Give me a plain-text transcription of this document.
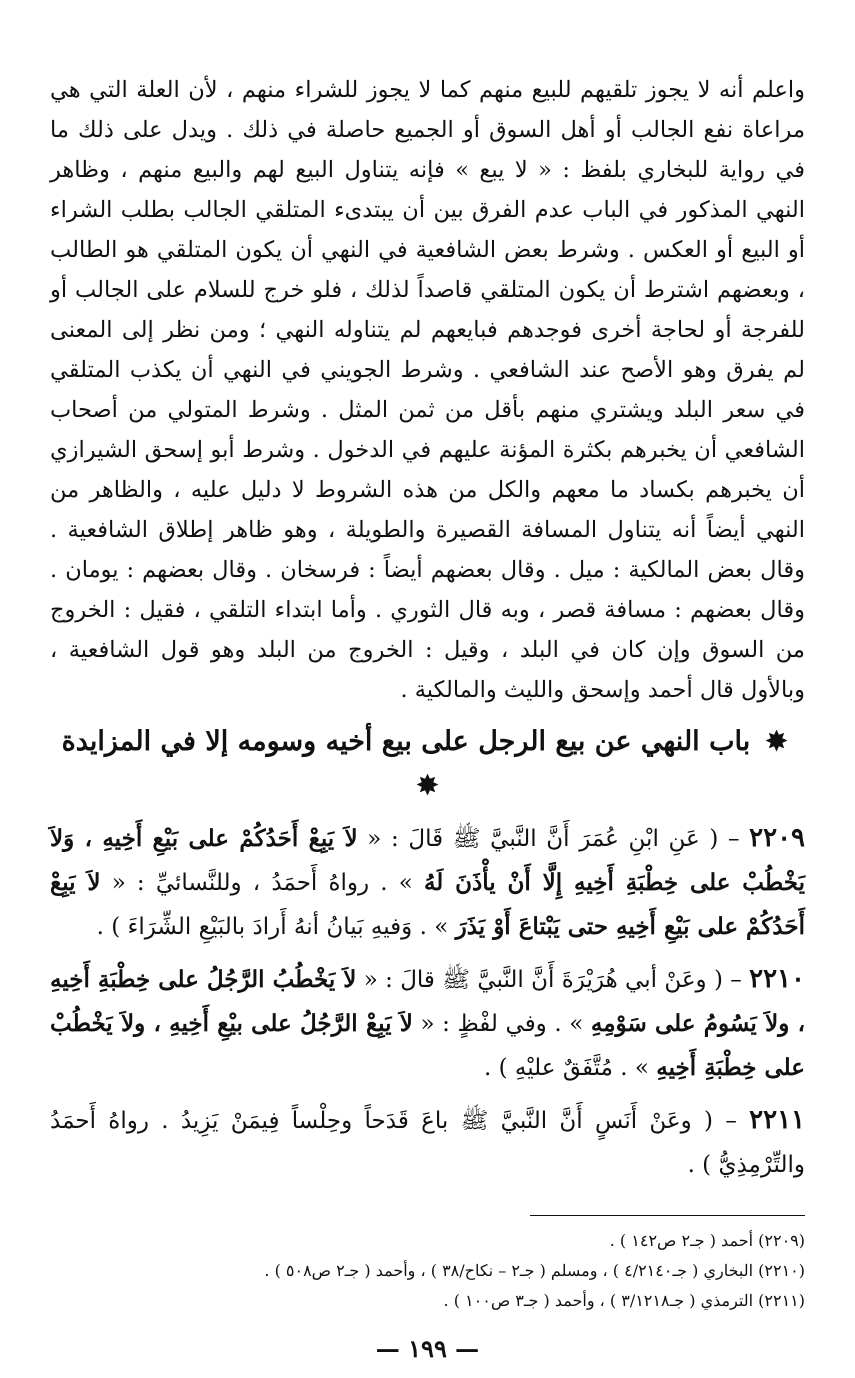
واعلم أنه لا يجوز تلقيهم للبيع منهم كما لا يجوز للشراء منهم ، لأن العلة التي هي مراعاة نفع الجالب أو أهل السوق أو الجميع حاصلة في ذلك . ويدل على ذلك ما في رواية للبخاري بلفظ : « لا يبع » فإنه يتناول البيع لهم والبيع منهم ، وظاهر النهي المذكور في الباب عدم الفرق بين أن يبتدىء المتلقي الجالب بطلب الشراء أو البيع أو العكس . وشرط بعض الشافعية في النهي أن يكون المتلقي هو الطالب ، وبعضهم اشترط أن يكون المتلقي قاصداً لذلك ، فلو خرج للسلام على الجالب أو للفرجة أو لحاجة أخرى فوجدهم فبايعهم لم يتناوله النهي ؛ ومن نظر إلى المعنى لم يفرق وهو الأصح عند الشافعي . وشرط الجويني في النهي أن يكذب المتلقي في سعر البلد ويشتري منهم بأقل من ثمن المثل . وشرط المتولي من أصحاب الشافعي أن يخبرهم بكثرة المؤنة عليهم في الدخول . وشرط أبو إسحق الشيرازي أن يخبرهم بكساد ما معهم والكل من هذه الشروط لا دليل عليه ، والظاهر من النهي أيضاً أنه يتناول المسافة القصيرة والطويلة ، وهو ظاهر إطلاق الشافعية . وقال بعض المالكية : ميل . وقال بعضهم أيضاً : فرسخان . وقال بعضهم : يومان . وقال بعضهم : مسافة قصر ، وبه قال الثوري . وأما ابتداء التلقي ، فقيل : الخروج من السوق وإن كان في البلد ، وقيل : الخروج من البلد وهو قول الشافعية ، وبالأول قال أحمد وإسحق والليث والمالكية .

✸ باب النهي عن بيع الرجل على بيع أخيه وسومه إلا في المزايدة ✸

٢٢٠٩ – ( عَنِ ابْنِ عُمَرَ أَنَّ النَّبيَّ ﷺ قَالَ : « لاَ يَبِعْ أَحَدُكُمْ على بَيْعِ أَخِيهِ ، وَلاَ يَخْطُبْ على خِطْبَةِ أَخِيهِ إِلَّا أَنْ يأْذَنَ لَهُ » . رواهُ أَحمَدُ ، وللنَّسائيِّ : « لاَ يَبِعْ أَحَدُكُمْ على بَيْعِ أَخِيهِ حتى يَبْتاعَ أَوْ يَذَرَ » . وَفيهِ بَيانُ أنهُ أَرادَ بالبَيْعِ الشِّرَاءَ ) .

٢٢١٠ – ( وعَنْ أبي هُرَيْرَةَ أَنَّ النَّبيَّ ﷺ قالَ : « لاَ يَخْطُبُ الرَّجُلُ على خِطْبَةِ أَخِيهِ ، ولاَ يَسُومُ على سَوْمِهِ » . وفي لفْظٍ : « لاَ يَبِعْ الرَّجُلُ على بيْعِ أَخِيهِ ، ولاَ يَخْطُبْ على خِطْبَةِ أَخِيهِ » . مُتَّفَقٌ عليْهِ ) .

٢٢١١ – ( وعَنْ أَنَسٍ أَنَّ النَّبيَّ ﷺ باعَ قَدَحاً وحِلْساً فِيمَنْ يَزِيدُ . رواهُ أَحمَدُ والتِّرْمِذِيُّ ) .

(٢٢٠٩) أحمد ( جـ٢ ص١٤٢ ) .

(٢٢١٠) البخاري ( جـ٤/٢١٤٠ ) ، ومسلم ( جـ٢ – نكاح/٣٨ ) ، وأحمد ( جـ٢ ص٥٠٨ ) .

(٢٢١١) الترمذي ( جـ٣/١٢١٨ ) ، وأحمد ( جـ٣ ص١٠٠ ) .

— ١٩٩ —
